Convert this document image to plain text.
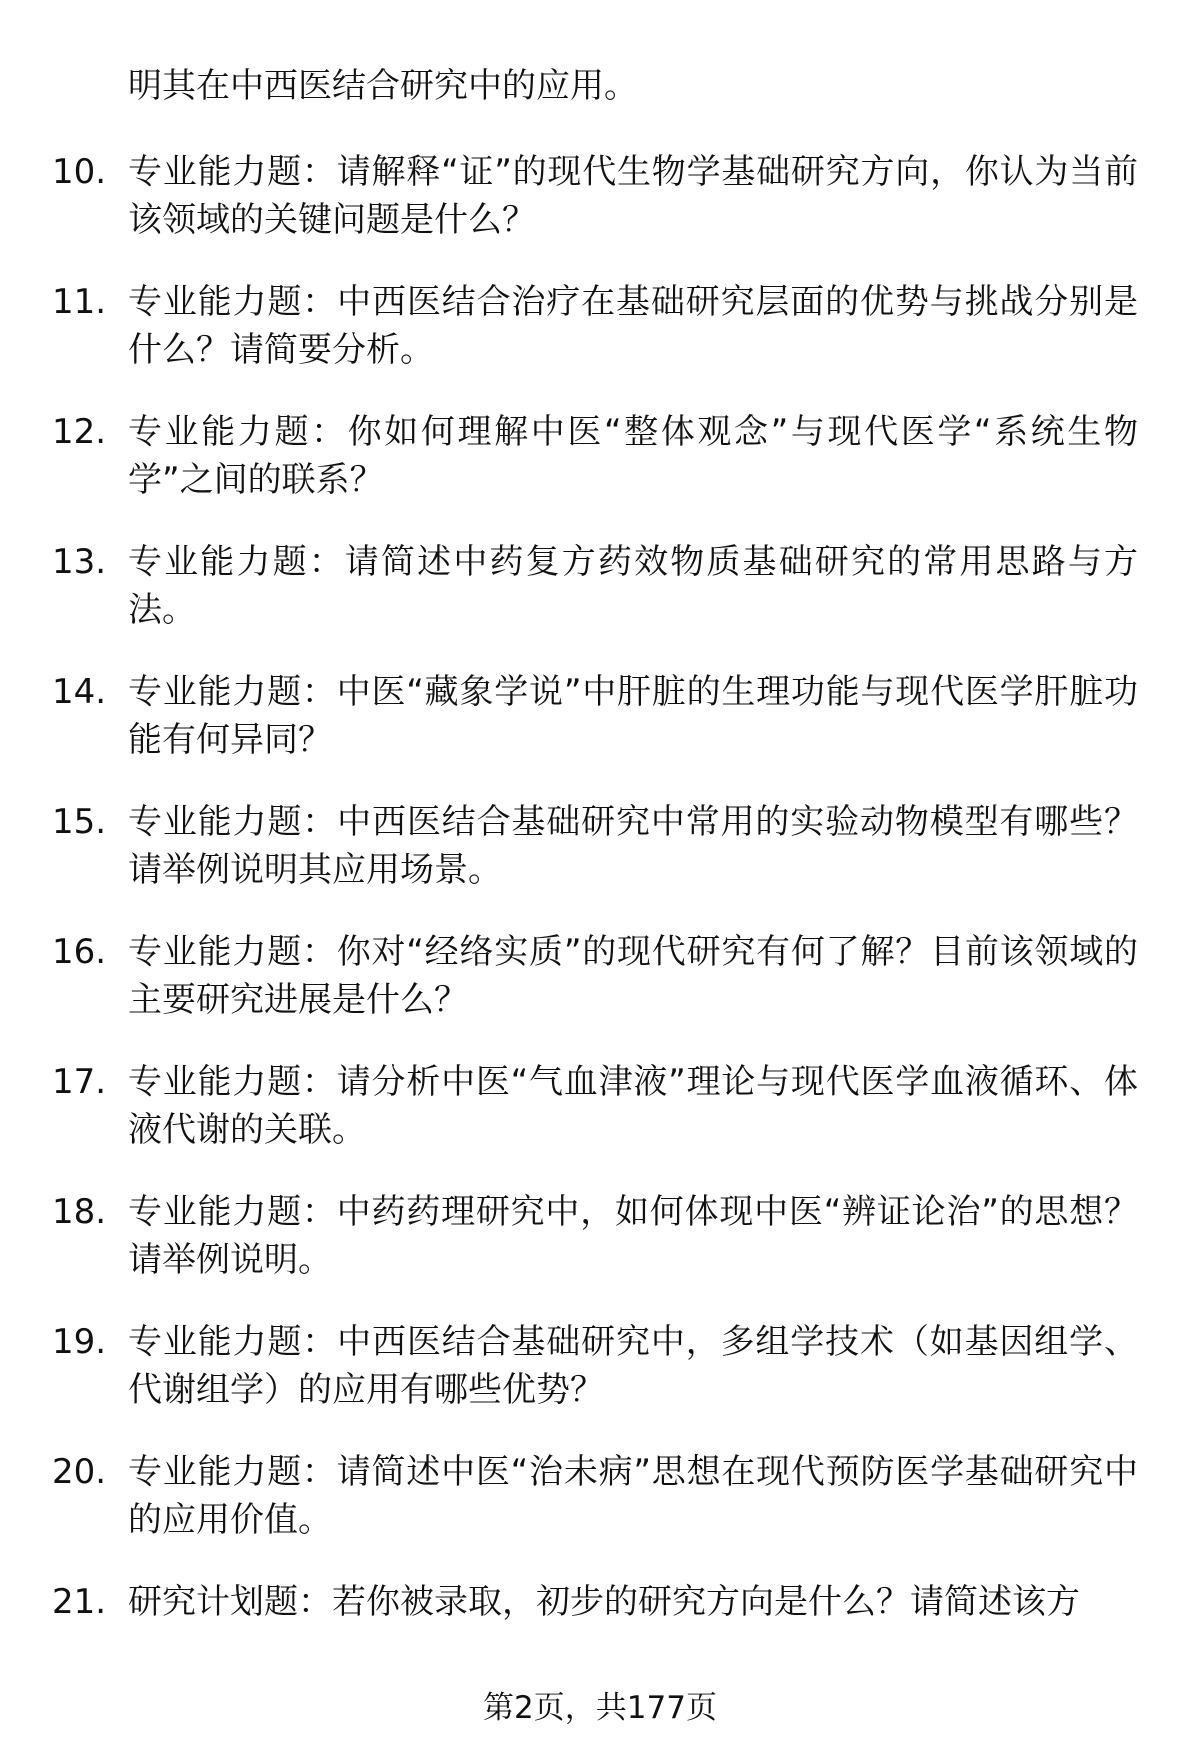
明其在中西医结合研究中的应用。
10. 专业能力题：请解释“证”的现代生物学基础研究方向，你认为当前该领域的关键问题是什么？
11. 专业能力题：中西医结合治疗在基础研究层面的优势与挑战分别是什么？请简要分析。
12. 专业能力题：你如何理解中医“整体观念”与现代医学“系统生物学”之间的联系？
13. 专业能力题：请简述中药复方药效物质基础研究的常用思路与方法。
14. 专业能力题：中医“藏象学说”中肝脏的生理功能与现代医学肝脏功能有何异同？
15. 专业能力题：中西医结合基础研究中常用的实验动物模型有哪些？请举例说明其应用场景。
16. 专业能力题：你对“经络实质”的现代研究有何了解？目前该领域的主要研究进展是什么？
17. 专业能力题：请分析中医“气血津液”理论与现代医学血液循环、体液代谢的关联。
18. 专业能力题：中药药理研究中，如何体现中医“辨证论治”的思想？请举例说明。
19. 专业能力题：中西医结合基础研究中，多组学技术（如基因组学、代谢组学）的应用有哪些优势？
20. 专业能力题：请简述中医“治未病”思想在现代预防医学基础研究中的应用价值。
21. 研究计划题：若你被录取，初步的研究方向是什么？请简述该方
第2页，共177页
